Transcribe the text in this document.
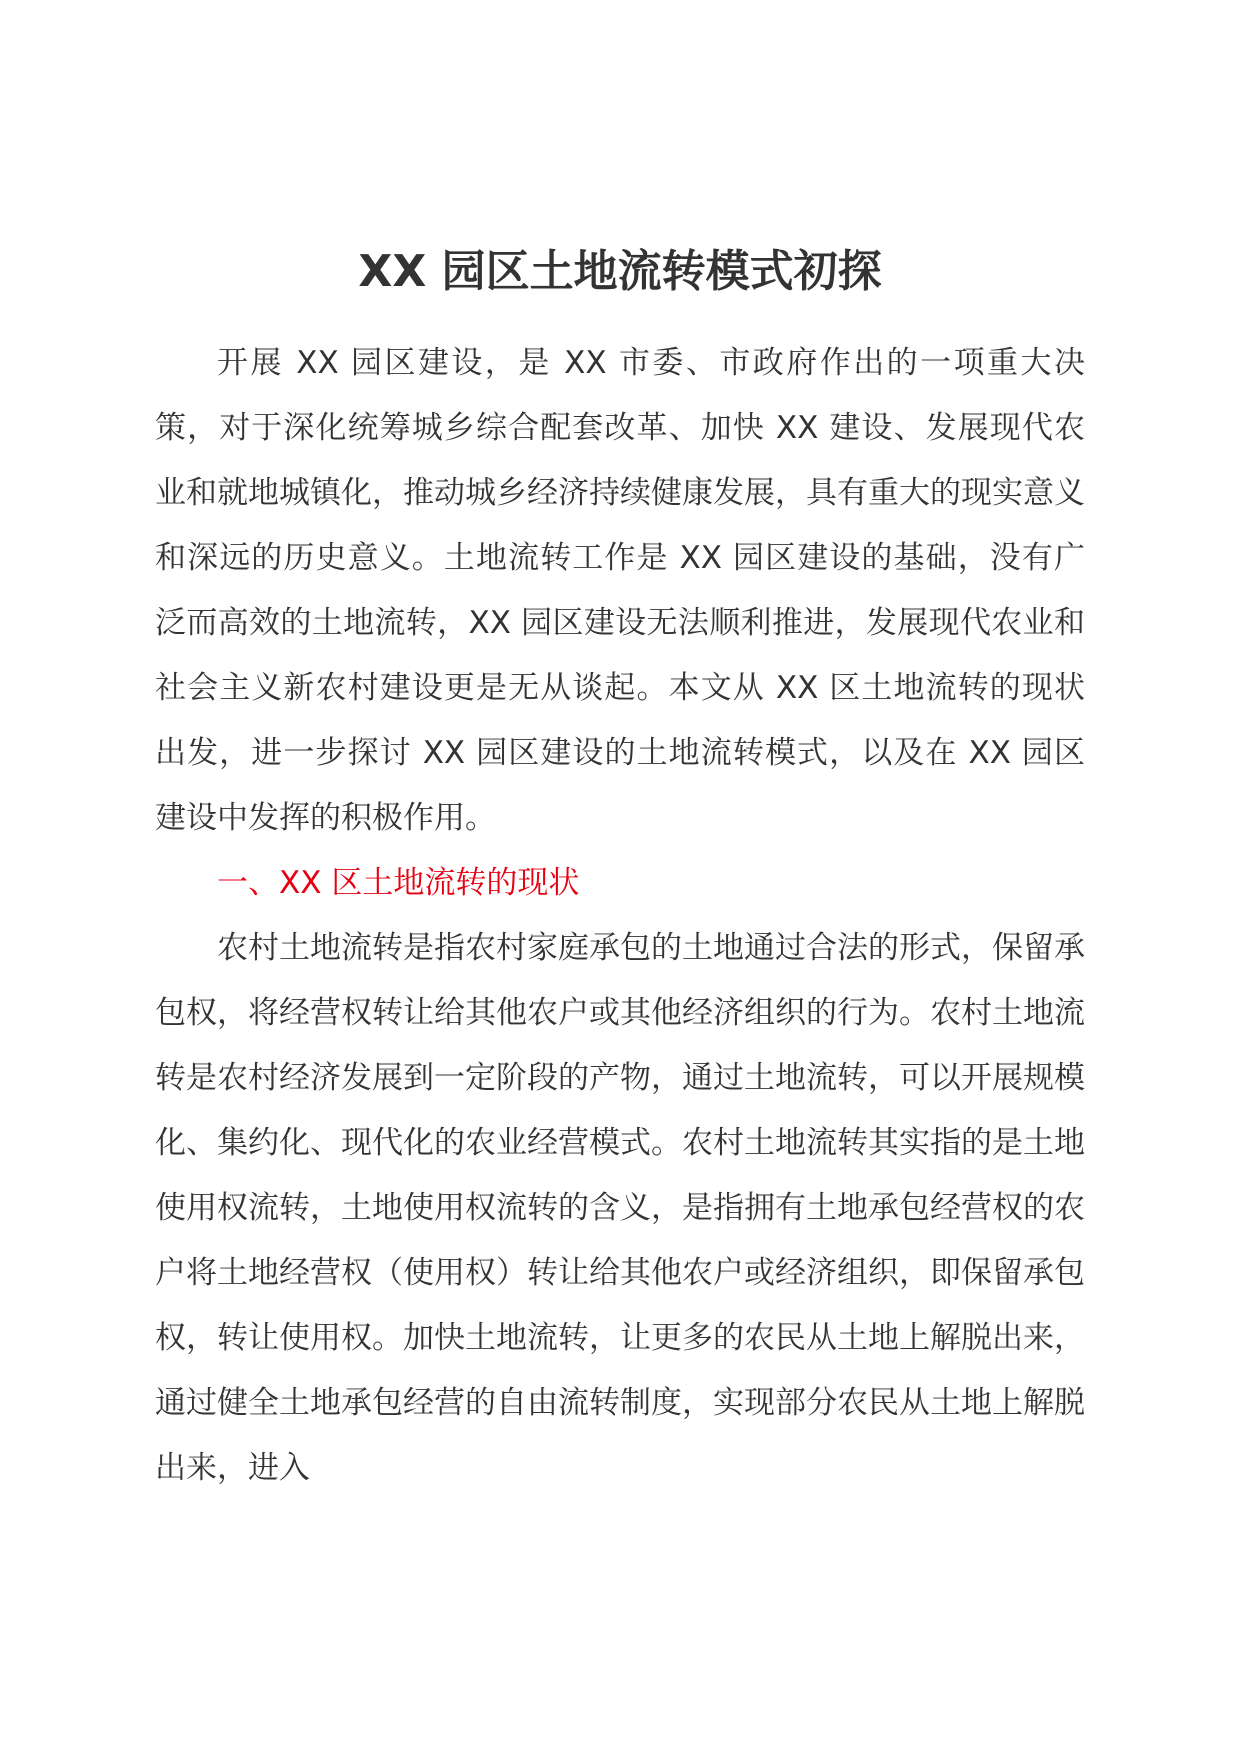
XX 园区土地流转模式初探

开展 XX 园区建设，是 XX 市委、市政府作出的一项重大决策，对于深化统筹城乡综合配套改革、加快 XX 建设、发展现代农业和就地城镇化，推动城乡经济持续健康发展，具有重大的现实意义和深远的历史意义。土地流转工作是 XX 园区建设的基础，没有广泛而高效的土地流转，XX 园区建设无法顺利推进，发展现代农业和社会主义新农村建设更是无从谈起。本文从 XX 区土地流转的现状出发，进一步探讨 XX 园区建设的土地流转模式，以及在 XX 园区建设中发挥的积极作用。

一、XX 区土地流转的现状

农村土地流转是指农村家庭承包的土地通过合法的形式，保留承包权，将经营权转让给其他农户或其他经济组织的行为。农村土地流转是农村经济发展到一定阶段的产物，通过土地流转，可以开展规模化、集约化、现代化的农业经营模式。农村土地流转其实指的是土地使用权流转，土地使用权流转的含义，是指拥有土地承包经营权的农户将土地经营权（使用权）转让给其他农户或经济组织，即保留承包权，转让使用权。加快土地流转，让更多的农民从土地上解脱出来，通过健全土地承包经营的自由流转制度，实现部分农民从土地上解脱出来，进入
